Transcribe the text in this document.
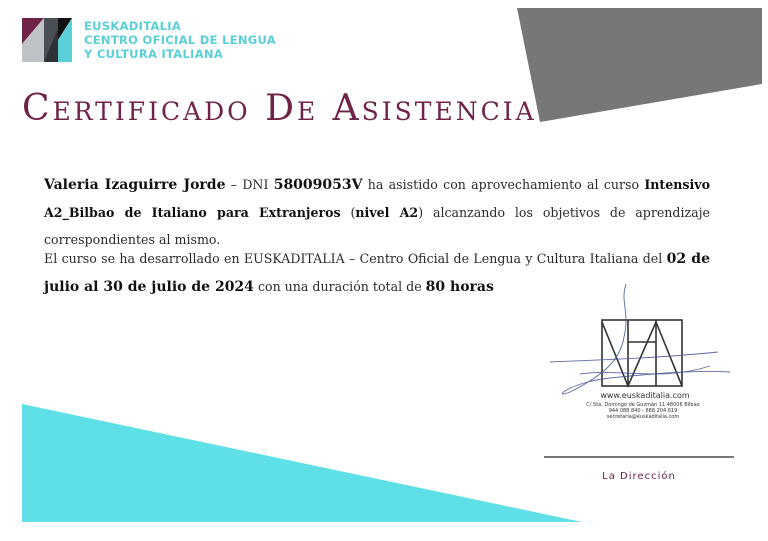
EUSKADITALIA
CENTRO OFICIAL DE LENGUA
Y CULTURA ITALIANA
Certificado De Asistencia
Valeria Izaguirre Jorde – DNI 58009053V ha asistido con aprovechamiento al curso Intensivo A2_Bilbao de Italiano para Extranjeros (nivel A2) alcanzando los objetivos de aprendizaje correspondientes al mismo.
El curso se ha desarrollado en EUSKADITALIA – Centro Oficial de Lengua y Cultura Italiana del 02 de julio al 30 de julio de 2024 con una duración total de 80 horas
www.euskaditalia.com
C/ Sta. Domingo de Guzmán 11 48006 Bilbao
944 088 840 - 688 204 619
secretaria@euskaditalia.com
La Dirección
